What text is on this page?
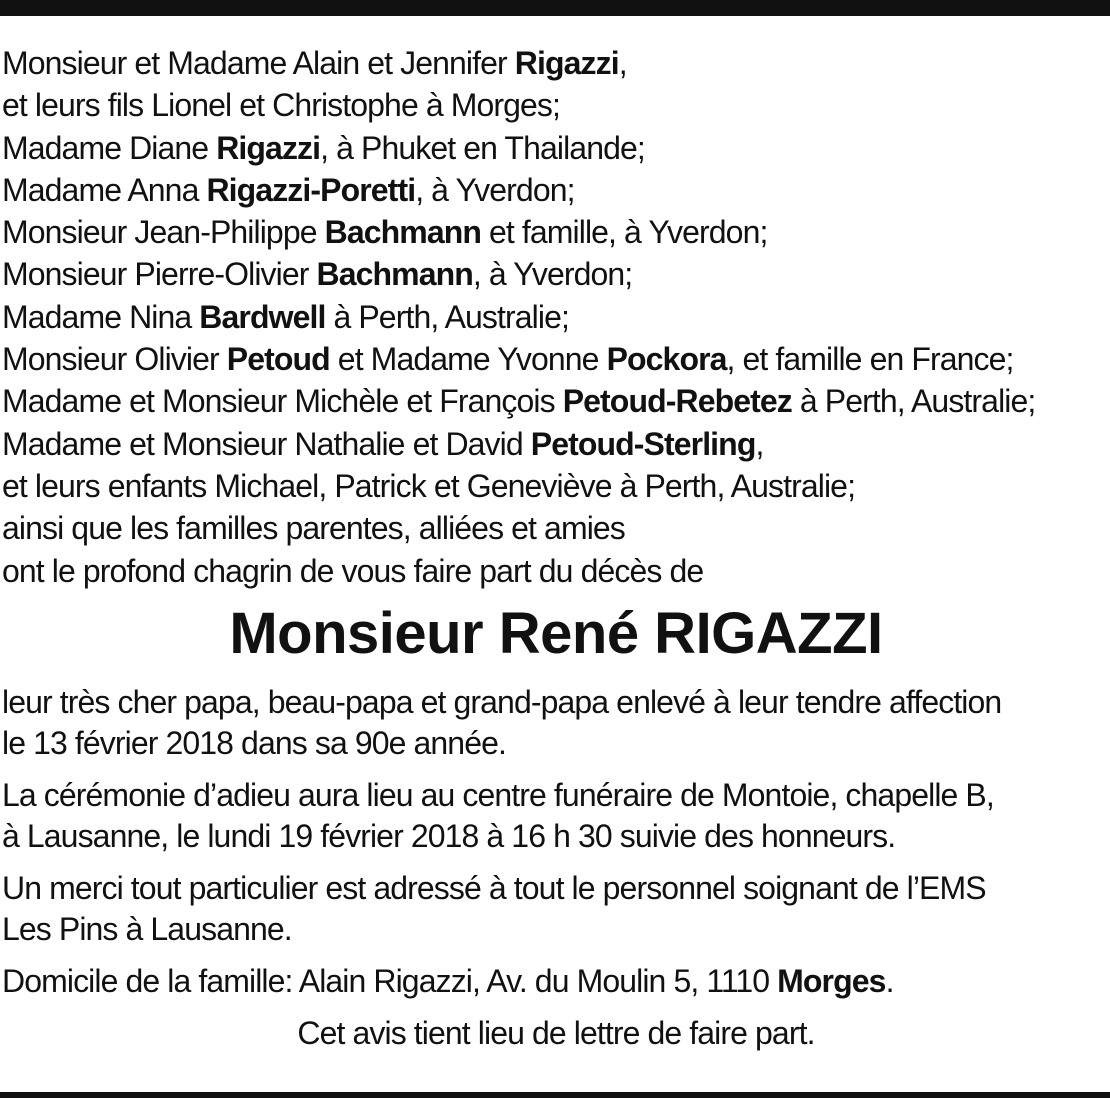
Monsieur et Madame Alain et Jennifer Rigazzi,
et leurs fils Lionel et Christophe à Morges;
Madame Diane Rigazzi, à Phuket en Thailande;
Madame Anna Rigazzi-Poretti, à Yverdon;
Monsieur Jean-Philippe Bachmann et famille, à Yverdon;
Monsieur Pierre-Olivier Bachmann, à Yverdon;
Madame Nina Bardwell à Perth, Australie;
Monsieur Olivier Petoud et Madame Yvonne Pockora, et famille en France;
Madame et Monsieur Michèle et François Petoud-Rebetez à Perth, Australie;
Madame et Monsieur Nathalie et David Petoud-Sterling,
et leurs enfants Michael, Patrick et Geneviève à Perth, Australie;
ainsi que les familles parentes, alliées et amies
ont le profond chagrin de vous faire part du décès de
Monsieur René RIGAZZI
leur très cher papa, beau-papa et grand-papa enlevé à leur tendre affection
le 13 février 2018 dans sa 90e année.
La cérémonie d’adieu aura lieu au centre funéraire de Montoie, chapelle B,
à Lausanne, le lundi 19 février 2018 à 16 h 30 suivie des honneurs.
Un merci tout particulier est adressé à tout le personnel soignant de l’EMS
Les Pins à Lausanne.
Domicile de la famille: Alain Rigazzi, Av. du Moulin 5, 1110 Morges.
Cet avis tient lieu de lettre de faire part.
